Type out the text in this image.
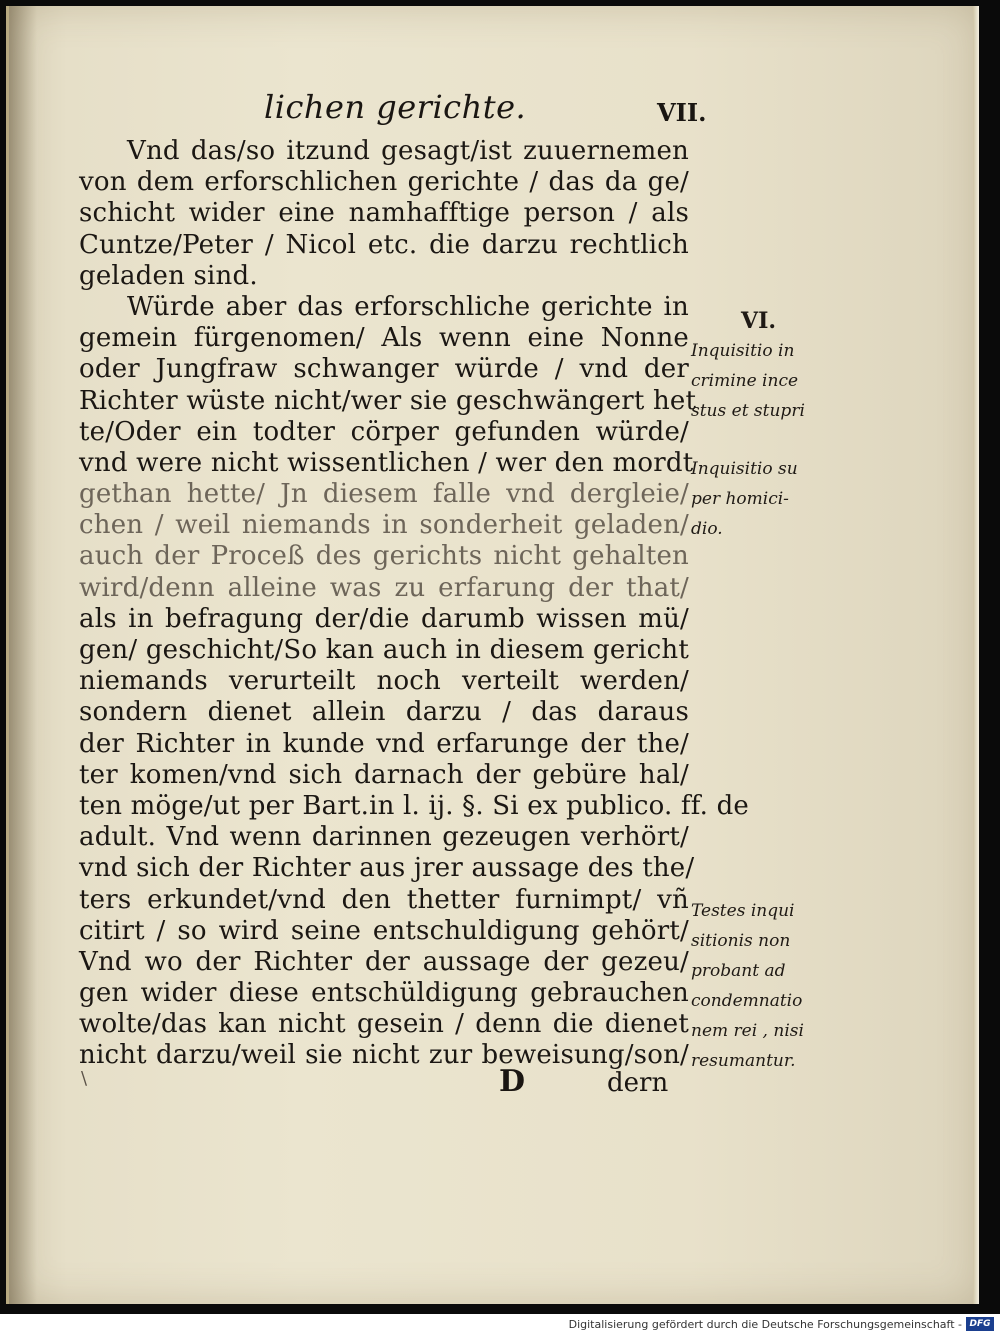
lichen gerichte.	VII.
Vnd das/so itzund gesagt/ist zuuernemen
von dem erforschlichen gerichte / das da ge/
schicht wider eine namhafftige person / als
Cuntze/Peter / Nicol etc. die darzu rechtlich
geladen sind.
Würde aber das erforschliche gerichte in
gemein fürgenomen/ Als wenn eine Nonne
oder Jungfraw schwanger würde / vnd der
Richter wüste nicht/wer sie geschwängert het
te/Oder ein todter cörper gefunden würde/
vnd were nicht wissentlichen / wer den mordt
gethan hette/ Jn diesem falle vnd dergleie/
chen / weil niemands in sonderheit geladen/
auch der Proceß des gerichts nicht gehalten
wird/denn alleine was zu erfarung der that/
als in befragung der/die darumb wissen mü/
gen/ geschicht/So kan auch in diesem gericht
niemands verurteilt noch verteilt werden/
sondern dienet allein darzu / das daraus
der Richter in kunde vnd erfarunge der the/
ter komen/vnd sich darnach der gebüre hal/
ten möge/ut per Bart.in l. ij. §. Si ex publico. ff. de
adult. Vnd wenn darinnen gezeugen verhört/
vnd sich der Richter aus jrer aussage des the/
ters erkundet/vnd den thetter furnimpt/ vñ
citirt / so wird seine entschuldigung gehört/
Vnd wo der Richter der aussage der gezeu/
gen wider diese entschüldigung gebrauchen
wolte/das kan nicht gesein / denn die dienet
nicht darzu/weil sie nicht zur beweisung/son/
VI.
Inquisitio in
crimine ince
stus et stupri
Inquisitio su
per homici-
dio.
Testes inqui
sitionis non
probant ad
condemnatio
nem rei , nisi
resumantur.
\	D	dern
Digitalisierung gefördert durch die Deutsche Forschungsgemeinschaft - DFG
